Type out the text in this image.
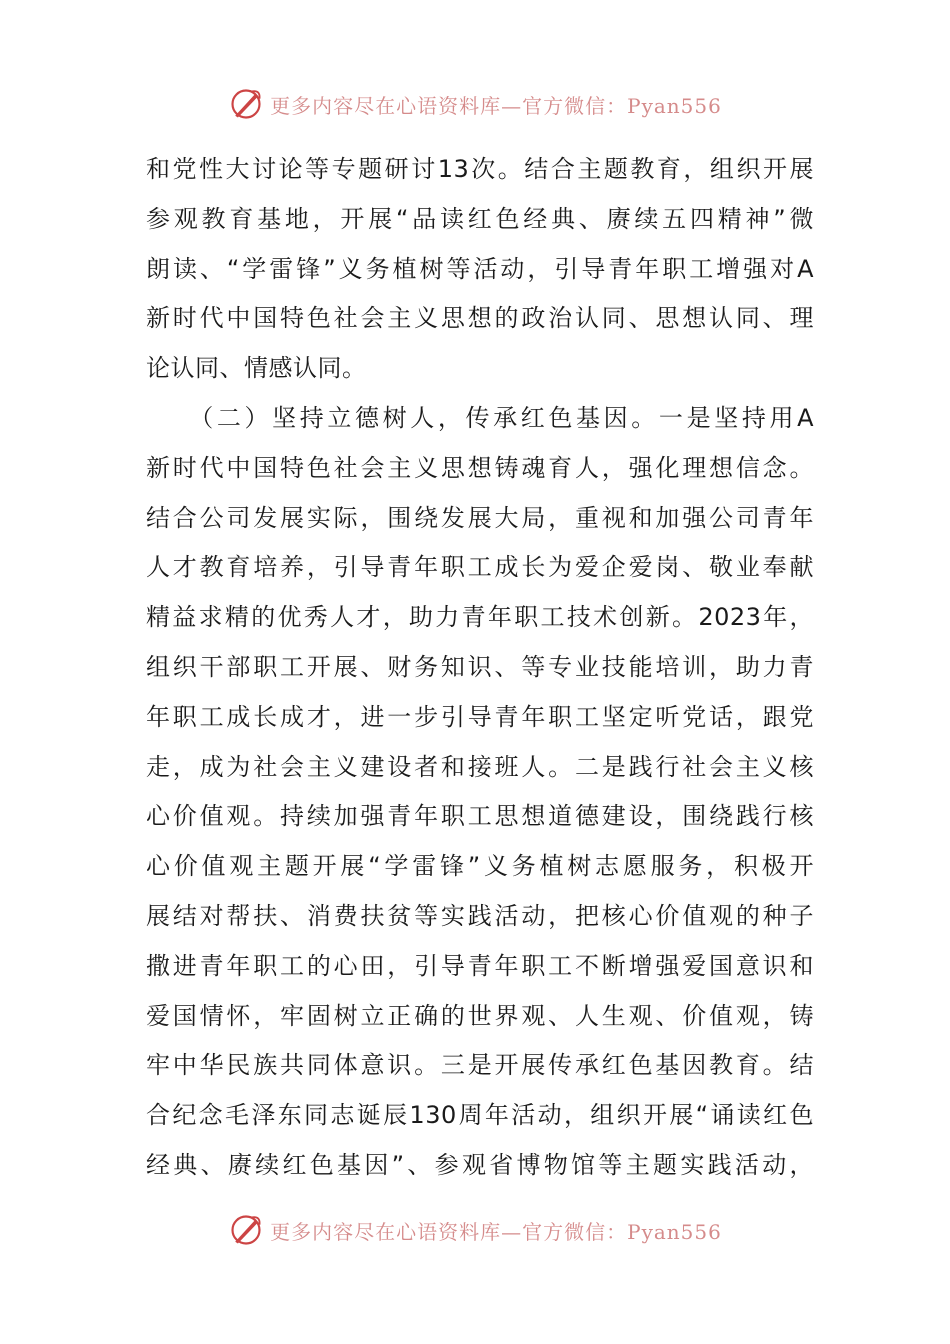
更多内容尽在心语资料库—官方微信：Pyan556
和党性大讨论等专题研讨13次。结合主题教育，组织开展
参观教育基地，开展“品读红色经典、赓续五四精神”微
朗读、“学雷锋”义务植树等活动，引导青年职工增强对A
新时代中国特色社会主义思想的政治认同、思想认同、理
论认同、情感认同。
　　（二）坚持立德树人，传承红色基因。一是坚持用A
新时代中国特色社会主义思想铸魂育人，强化理想信念。
结合公司发展实际，围绕发展大局，重视和加强公司青年
人才教育培养，引导青年职工成长为爱企爱岗、敬业奉献
精益求精的优秀人才，助力青年职工技术创新。2023年，
组织干部职工开展、财务知识、等专业技能培训，助力青
年职工成长成才，进一步引导青年职工坚定听党话，跟党
走，成为社会主义建设者和接班人。二是践行社会主义核
心价值观。持续加强青年职工思想道德建设，围绕践行核
心价值观主题开展“学雷锋”义务植树志愿服务，积极开
展结对帮扶、消费扶贫等实践活动，把核心价值观的种子
撒进青年职工的心田，引导青年职工不断增强爱国意识和
爱国情怀，牢固树立正确的世界观、人生观、价值观，铸
牢中华民族共同体意识。三是开展传承红色基因教育。结
合纪念毛泽东同志诞辰130周年活动，组织开展“诵读红色
经典、赓续红色基因”、参观省博物馆等主题实践活动，
更多内容尽在心语资料库—官方微信：Pyan556
